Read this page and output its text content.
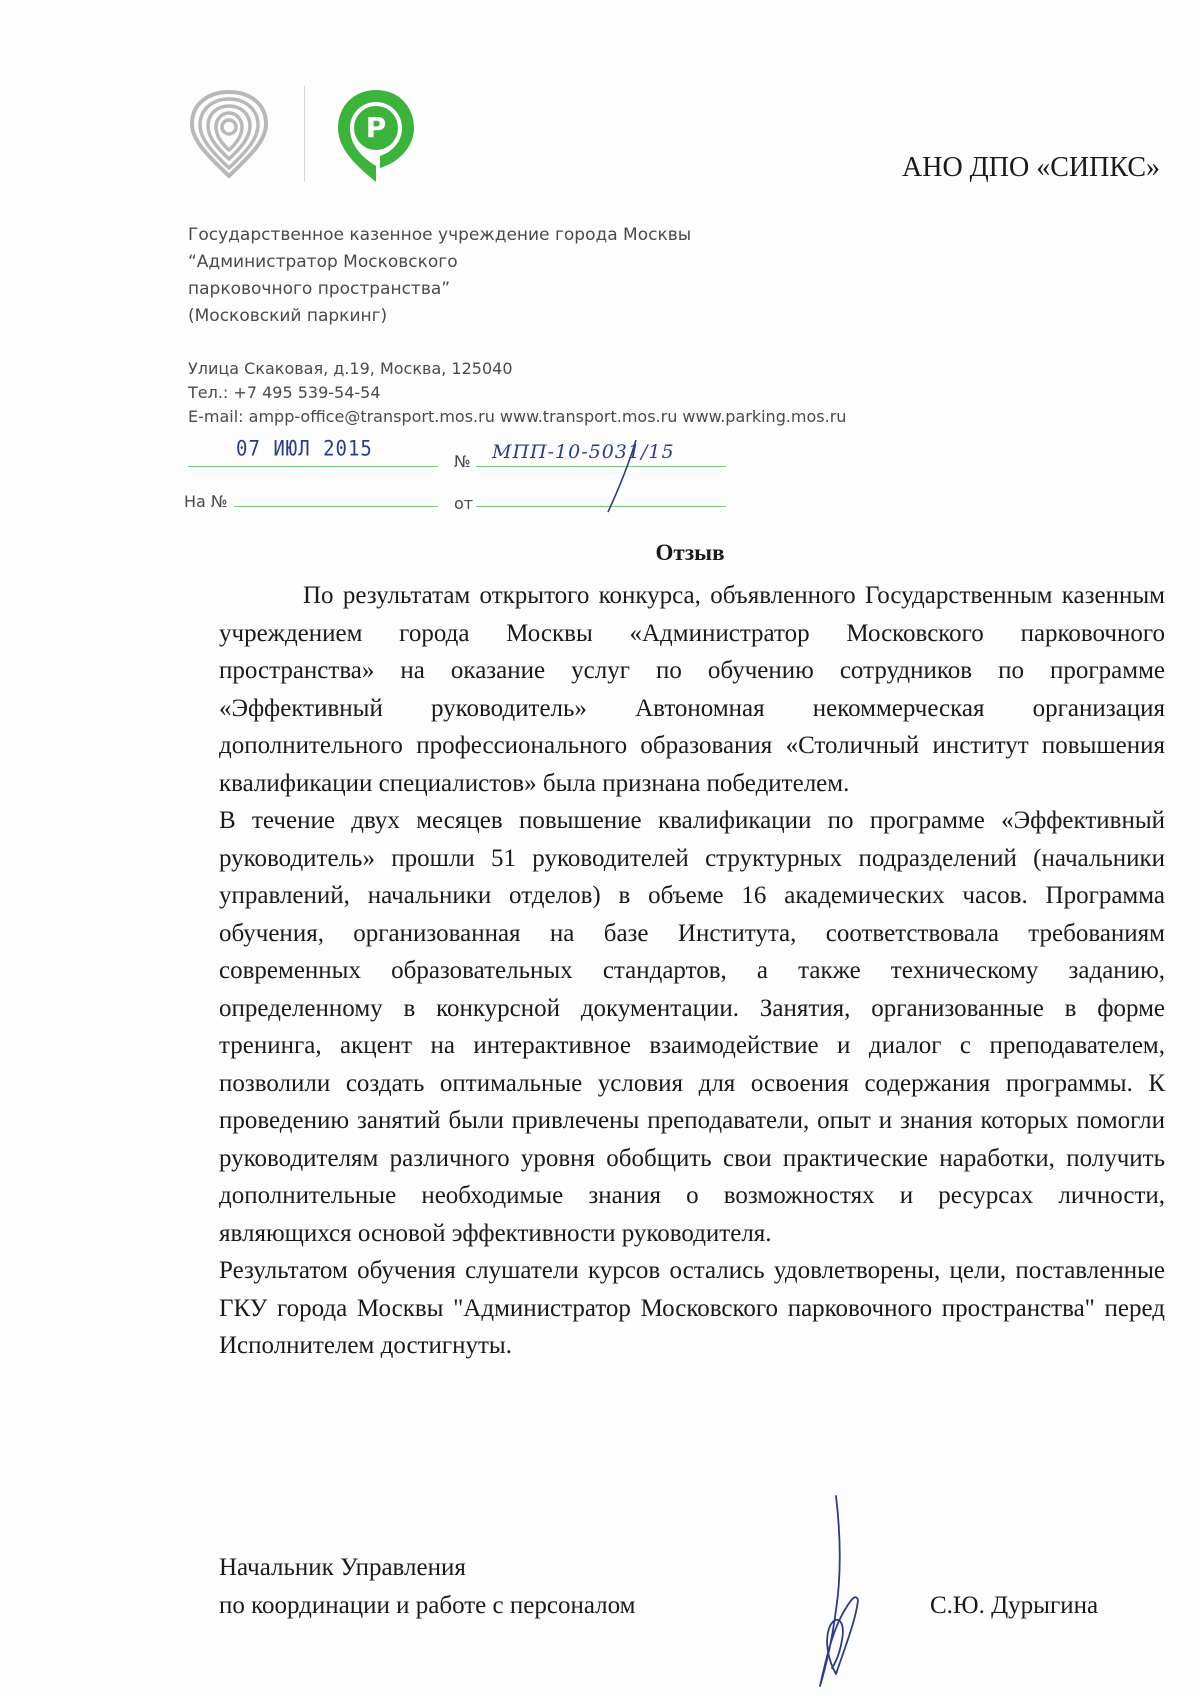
P
АНО ДПО «СИПКС»
Государственное казенное учреждение города Москвы
“Администратор Московского
парковочного пространства”
(Московский паркинг)
Улица Скаковая, д.19, Москва, 125040
Тел.: +7 495 539-54-54
E-mail: ampp-office@transport.mos.ru www.transport.mos.ru www.parking.mos.ru
07 ИЮЛ 2015
№ МПП-10-5031/15
На №	от
Отзыв

По результатам открытого конкурса, объявленного Государственным казенным учреждением города Москвы «Администратор Московского парковочного пространства» на оказание услуг по обучению сотрудников по программе «Эффективный руководитель» Автономная некоммерческая организация дополнительного профессионального образования «Столичный институт повышения квалификации специалистов» была признана победителем.

В течение двух месяцев повышение квалификации по программе «Эффективный руководитель» прошли 51 руководителей структурных подразделений (начальники управлений, начальники отделов) в объеме 16 академических часов. Программа обучения, организованная на базе Института, соответствовала требованиям современных образовательных стандартов, а также техническому заданию, определенному в конкурсной документации. Занятия, организованные в форме тренинга, акцент на интерактивное взаимодействие и диалог с преподавателем, позволили создать оптимальные условия для освоения содержания программы. К проведению занятий были привлечены преподаватели, опыт и знания которых помогли руководителям различного уровня обобщить свои практические наработки, получить дополнительные необходимые знания о возможностях и ресурсах личности, являющихся основой эффективности руководителя.

Результатом обучения слушатели курсов остались удовлетворены, цели, поставленные ГКУ города Москвы "Администратор Московского парковочного пространства" перед Исполнителем достигнуты.

Начальник Управления
по координации и работе с персоналом	С.Ю. Дурыгина
